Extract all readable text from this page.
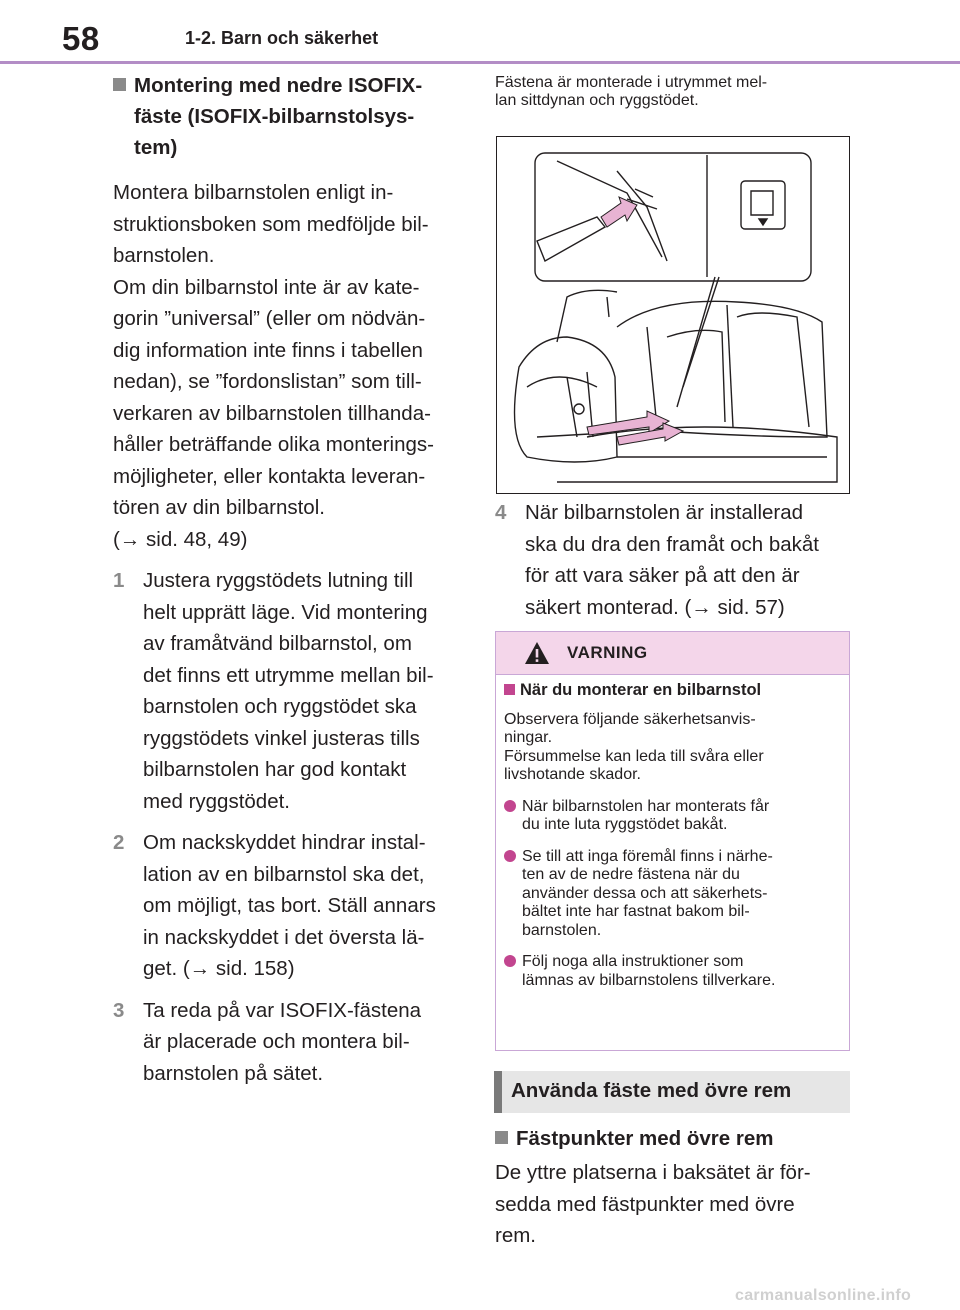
58	1-2. Barn och säkerhet
Montering med nedre ISOFIX-
fäste (ISOFIX-bilbarnstolsys-
tem)
Montera bilbarnstolen enligt in-
struktionsboken som medföljde bil-
barnstolen.
Om din bilbarnstol inte är av kate-
gorin ”universal” (eller om nödvän-
dig information inte finns i tabellen
nedan), se ”fordonslistan” som till-
verkaren av bilbarnstolen tillhanda-
håller beträffande olika monterings-
möjligheter, eller kontakta leveran-
tören av din bilbarnstol.
(→ sid. 48, 49)
1 Justera ryggstödets lutning till
helt upprätt läge. Vid montering
av framåtvänd bilbarnstol, om
det finns ett utrymme mellan bil-
barnstolen och ryggstödet ska
ryggstödets vinkel justeras tills
bilbarnstolen har god kontakt
med ryggstödet.
2 Om nackskyddet hindrar instal-
lation av en bilbarnstol ska det,
om möjligt, tas bort. Ställ annars
in nackskyddet i det översta lä-
get. (→ sid. 158)
3 Ta reda på var ISOFIX-fästena
är placerade och montera bil-
barnstolen på sätet.
Fästena är monterade i utrymmet mel-
lan sittdynan och ryggstödet.
4 När bilbarnstolen är installerad
ska du dra den framåt och bakåt
för att vara säker på att den är
säkert monterad. (→ sid. 57)
VARNING
När du monterar en bilbarnstol
Observera följande säkerhetsanvis-
ningar.
Försummelse kan leda till svåra eller
livshotande skador.
När bilbarnstolen har monterats får
du inte luta ryggstödet bakåt.
Se till att inga föremål finns i närhe-
ten av de nedre fästena när du
använder dessa och att säkerhets-
bältet inte har fastnat bakom bil-
barnstolen.
Följ noga alla instruktioner som
lämnas av bilbarnstolens tillverkare.
Använda fäste med övre rem
Fästpunkter med övre rem
De yttre platserna i baksätet är för-
sedda med fästpunkter med övre
rem.
carmanualsonline.info
